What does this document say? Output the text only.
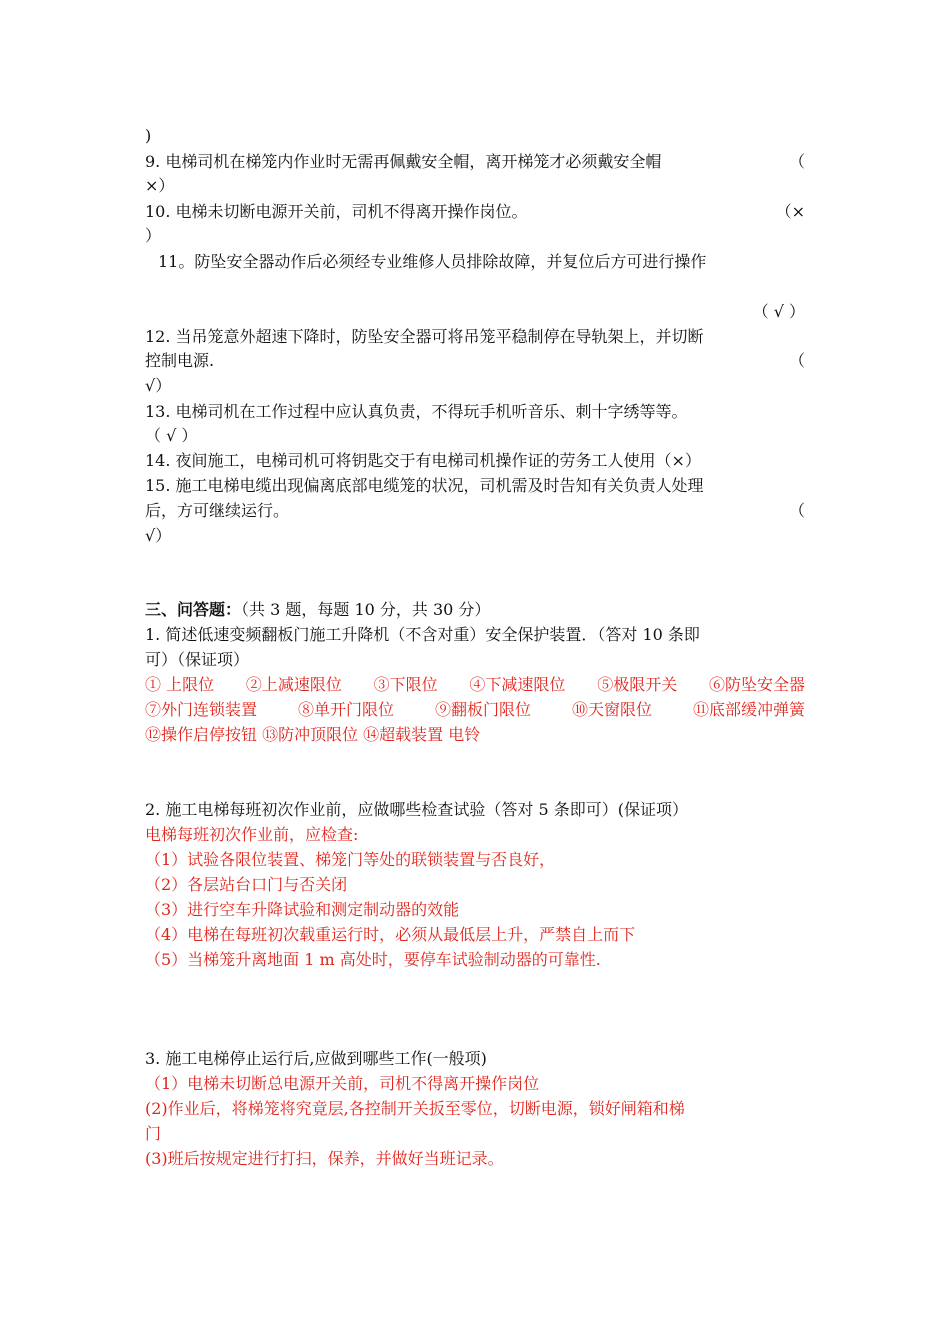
)
9. 电梯司机在梯笼内作业时无需再佩戴安全帽，离开梯笼才必须戴安全帽	（
×）
10. 电梯未切断电源开关前，司机不得离开操作岗位。	（×
）
11。防坠安全器动作后必须经专业维修人员排除故障，并复位后方可进行操作
（ √ ）
12. 当吊笼意外超速下降时，防坠安全器可将吊笼平稳制停在导轨架上，并切断
控制电源.	（
√）
13. 电梯司机在工作过程中应认真负责，不得玩手机听音乐、刺十字绣等等。
（ √ ）
14. 夜间施工，电梯司机可将钥匙交于有电梯司机操作证的劳务工人使用（×）
15. 施工电梯电缆出现偏离底部电缆笼的状况，司机需及时告知有关负责人处理
后，方可继续运行。	（
√）
三、问答题：（共 3 题，每题 10 分，共 30 分）
1. 简述低速变频翻板门施工升降机（不含对重）安全保护装置．（答对 10 条即
可）（保证项）
① 上限位 ②上减速限位 ③下限位 ④下减速限位 ⑤极限开关 ⑥防坠安全器
⑦外门连锁装置	⑧单开门限位	⑨翻板门限位	⑩天窗限位	⑪底部缓冲弹簧
⑫操作启停按钮 ⑬防冲顶限位 ⑭超载装置 电铃
2. 施工电梯每班初次作业前，应做哪些检查试验（答对 5 条即可）(保证项）
电梯每班初次作业前，应检查:
（1）试验各限位装置、梯笼门等处的联锁装置与否良好，
（2）各层站台口门与否关闭
（3）进行空车升降试验和测定制动器的效能
（4）电梯在每班初次载重运行时，必须从最低层上升，严禁自上而下
（5）当梯笼升离地面 1 m 高处时，要停车试验制动器的可靠性.
3. 施工电梯停止运行后,应做到哪些工作(一般项)
（1）电梯未切断总电源开关前，司机不得离开操作岗位
(2)作业后，将梯笼将究竟层,各控制开关扳至零位，切断电源，锁好闸箱和梯
门
(3)班后按规定进行打扫，保养，并做好当班记录。
